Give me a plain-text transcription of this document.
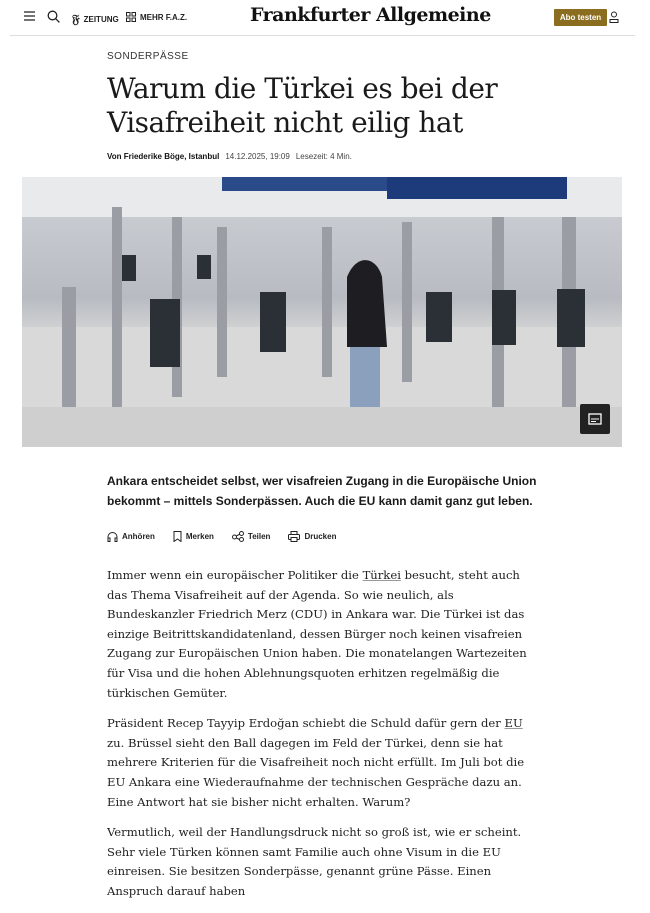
𝔉 ZEITUNG	MEHR F.A.Z.	Frankfurter Allgemeine	Abo testen
SONDERPÄSSE
Warum die Türkei es bei der Visafreiheit nicht eilig hat
Von Friederike Böge, Istanbul 14.12.2025, 19:09 Lesezeit: 4 Min.

Ankara entscheidet selbst, wer visafreien Zugang in die Europäische Union bekommt – mittels Sonderpässen. Auch die EU kann damit ganz gut leben.

Anhören	Merken	Teilen	Drucken

Immer wenn ein europäischer Politiker die Türkei besucht, steht auch das Thema Visafreiheit auf der Agenda. So wie neulich, als Bundeskanzler Friedrich Merz (CDU) in Ankara war. Die Türkei ist das einzige Beitrittskandidatenland, dessen Bürger noch keinen visafreien Zugang zur Europäischen Union haben. Die monatelangen Wartezeiten für Visa und die hohen Ablehnungsquoten erhitzen regelmäßig die türkischen Gemüter.

Präsident Recep Tayyip Erdoğan schiebt die Schuld dafür gern der EU zu. Brüssel sieht den Ball dagegen im Feld der Türkei, denn sie hat mehrere Kriterien für die Visafreiheit noch nicht erfüllt. Im Juli bot die EU Ankara eine Wiederaufnahme der technischen Gespräche dazu an. Eine Antwort hat sie bisher nicht erhalten. Warum?

Vermutlich, weil der Handlungsdruck nicht so groß ist, wie er scheint. Sehr viele Türken können samt Familie auch ohne Visum in die EU einreisen. Sie besitzen Sonderpässe, genannt grüne Pässe. Einen Anspruch darauf haben
